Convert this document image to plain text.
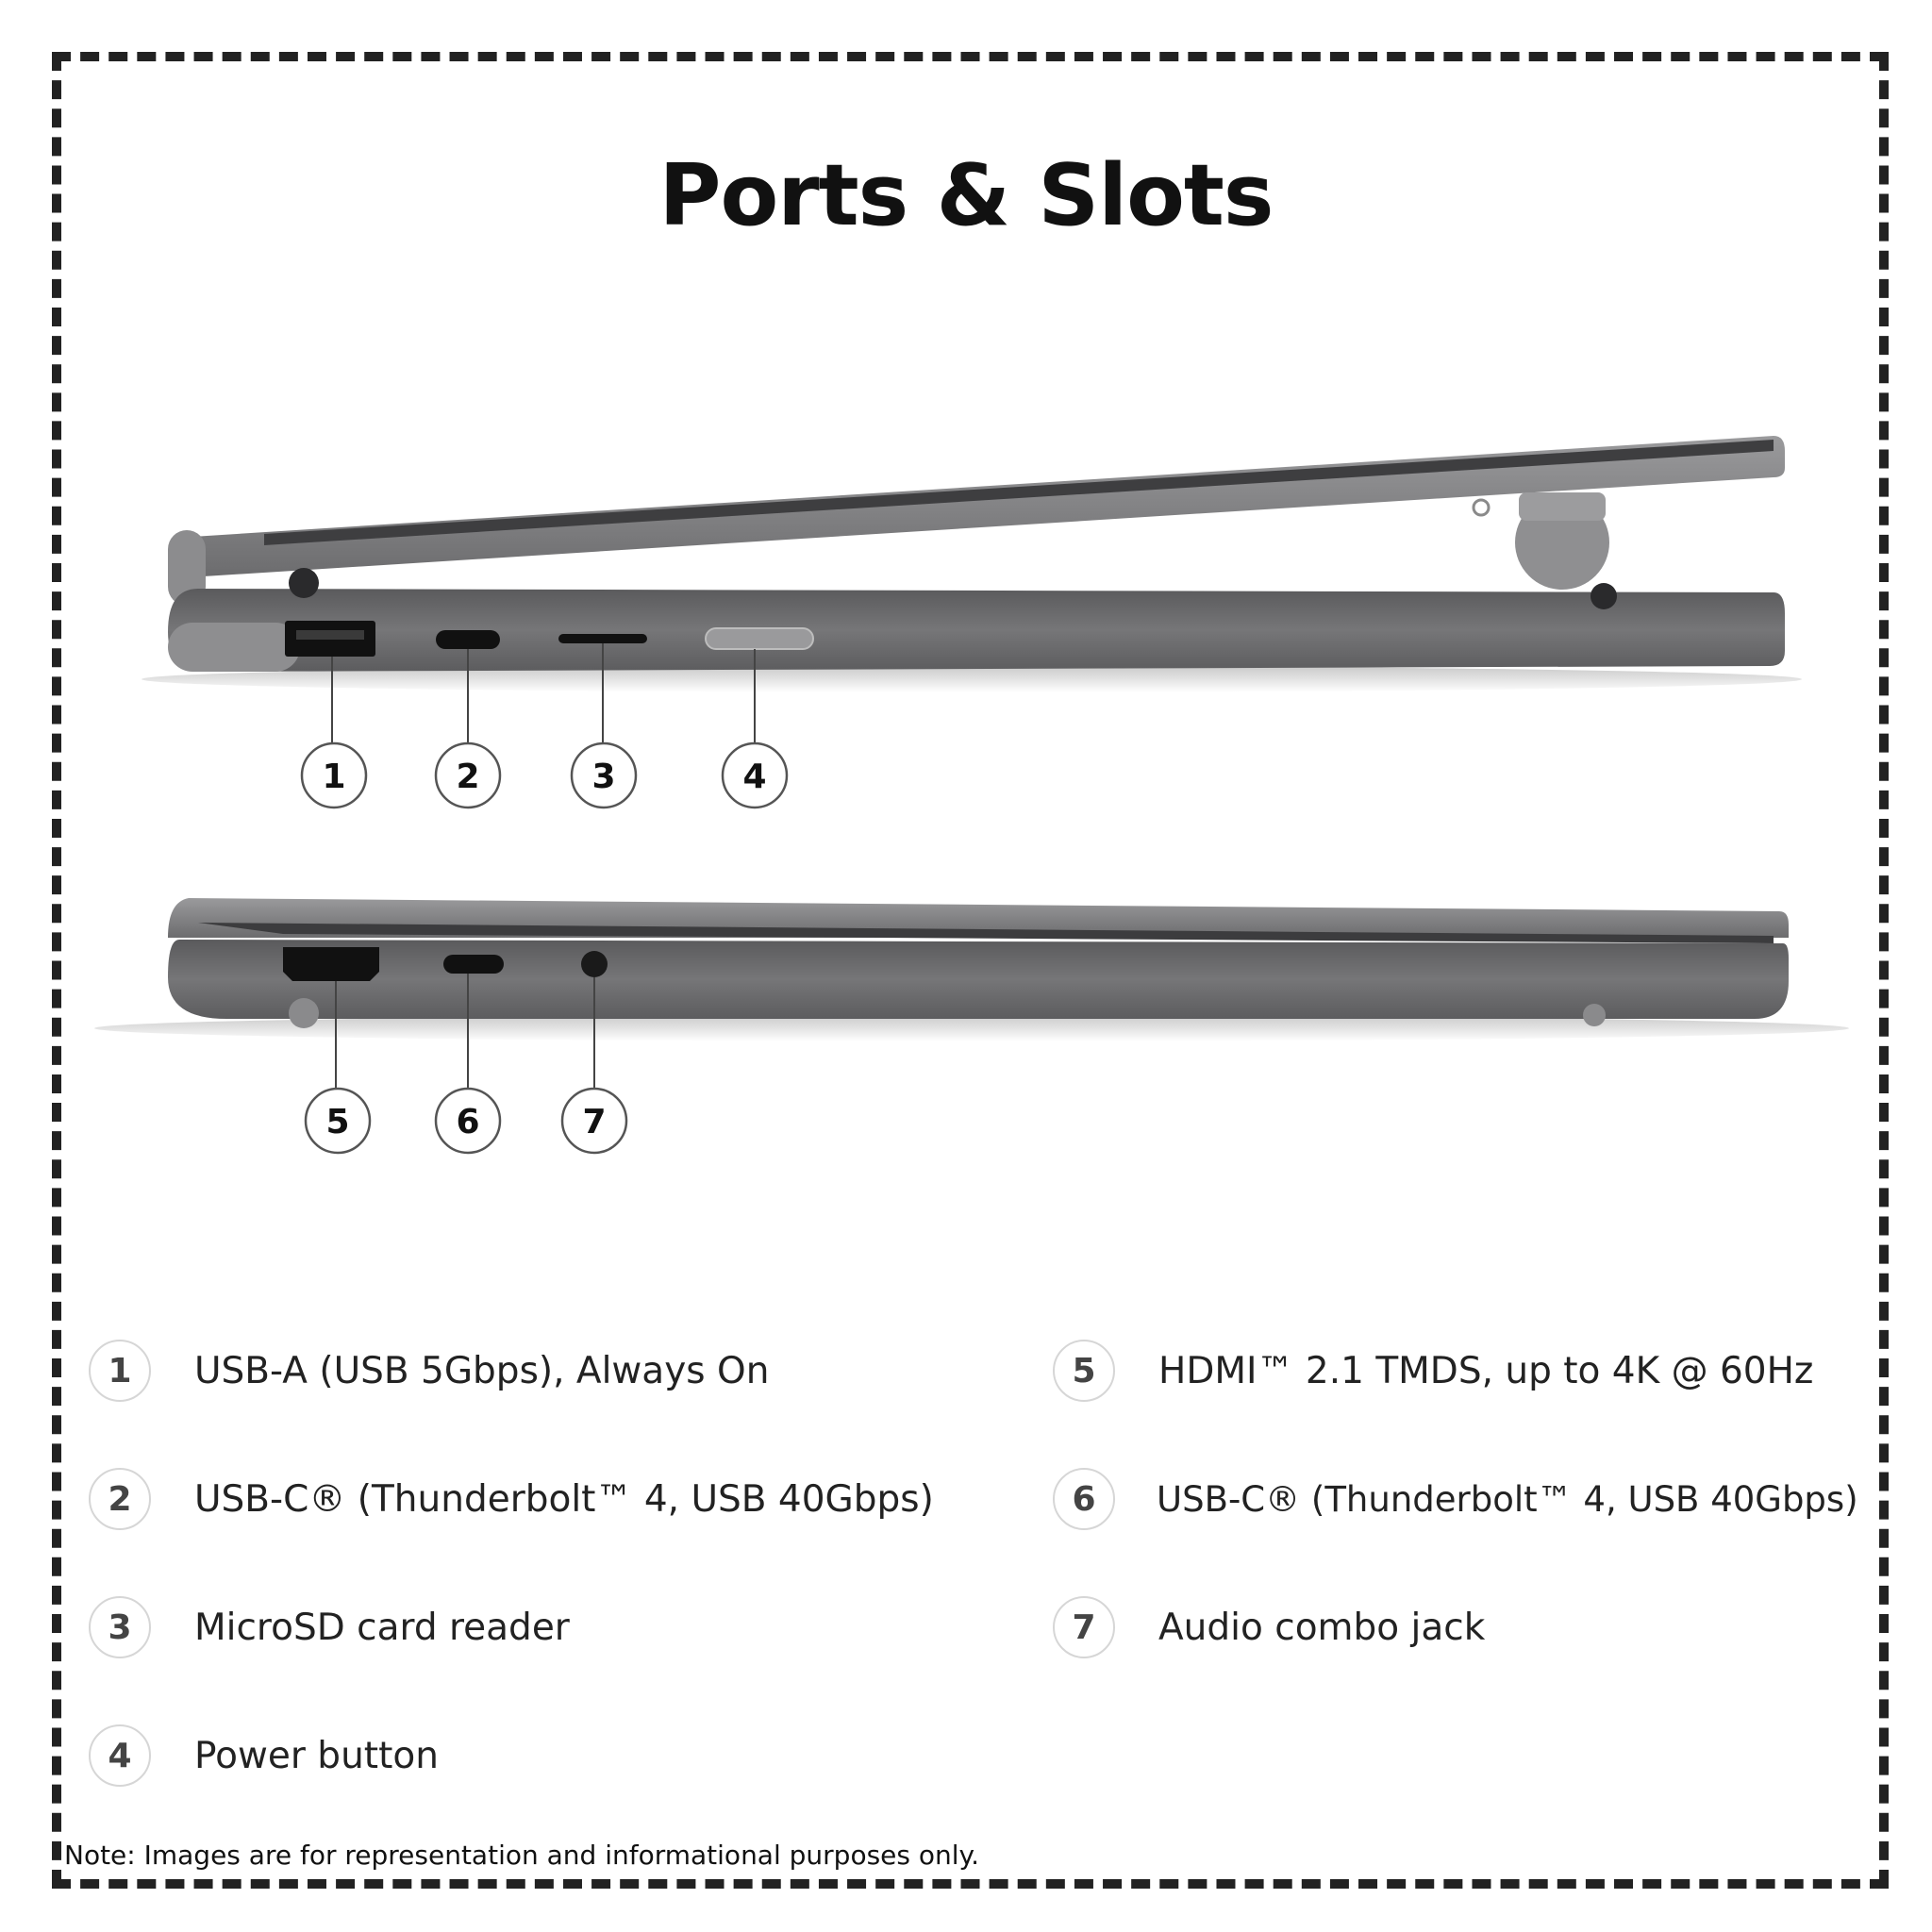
Ports & Slots
1	2	3	4
5	6	7
1	USB-A (USB 5Gbps), Always On
2	USB-C® (Thunderbolt™ 4, USB 40Gbps)
3	MicroSD card reader
4	Power button
5	HDMI™ 2.1 TMDS, up to 4K @ 60Hz
6	USB-C® (Thunderbolt™ 4, USB 40Gbps)
7	Audio combo jack
Note: Images are for representation and informational purposes only.
